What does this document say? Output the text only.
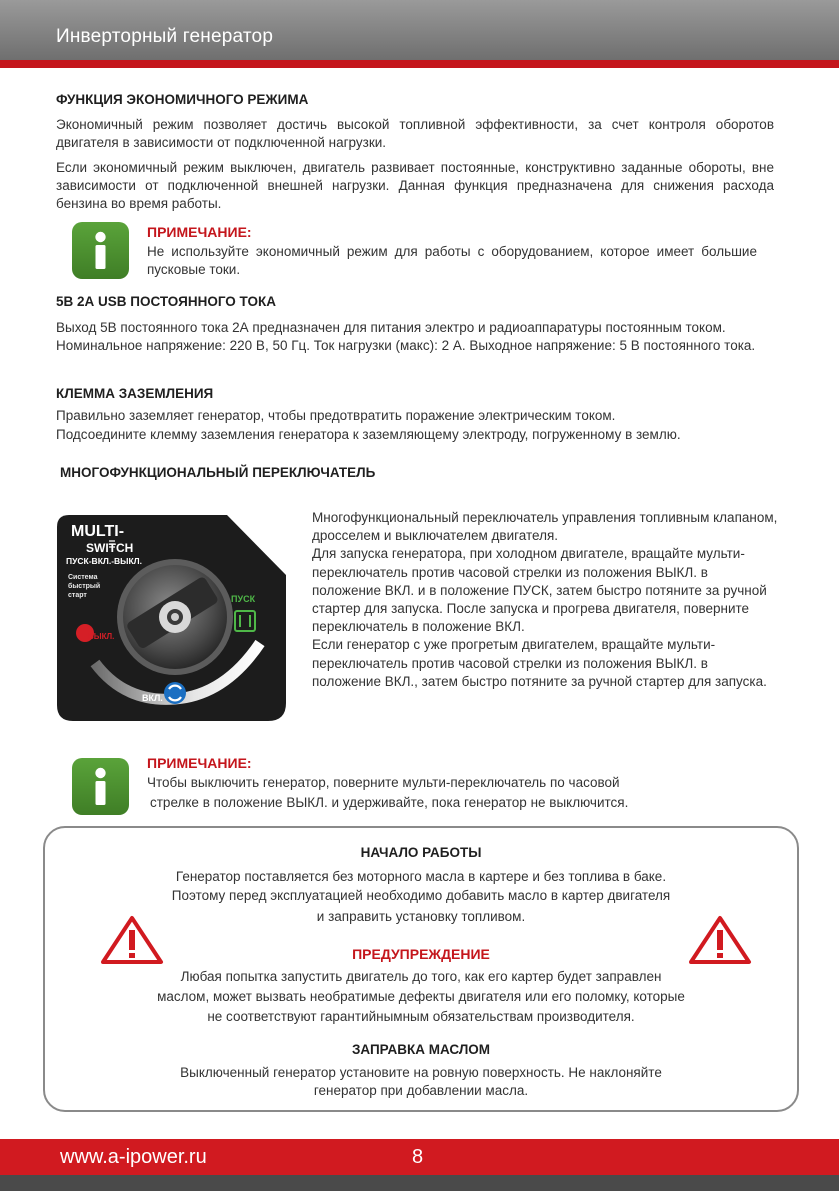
Инверторный генератор
ФУНКЦИЯ ЭКОНОМИЧНОГО РЕЖИМА
Экономичный режим позволяет достичь высокой топливной эффективности, за счет контроля оборотов двигателя в зависимости от подключенной нагрузки.
Если экономичный режим выключен, двигатель развивает постоянные, конструктивно заданные обороты, вне зависимости от подключенной внешней нагрузки. Данная функция предназначена для снижения расхода бензина во время работы.
ПРИМЕЧАНИЕ:
Не используйте экономичный режим для работы с оборудованием, которое имеет большие пусковые токи.
5В 2А USB ПОСТОЯННОГО ТОКА
Выход 5В постоянного тока 2А предназначен для питания электро и радиоаппаратуры постоянным током. Номинальное напряжение: 220 В, 50 Гц. Ток нагрузки (макс): 2 А. Выходное напряжение: 5 В постоянного тока.
КЛЕММА ЗАЗЕМЛЕНИЯ
Правильно заземляет генератор, чтобы предотвратить поражение электрическим током.
Подсоедините клемму заземления генератора к заземляющему электроду, погруженному в землю.
МНОГОФУНКЦИОНАЛЬНЫЙ ПЕРЕКЛЮЧАТЕЛЬ
MULTI-
SWITCH
ПУСК-ВКЛ.-ВЫКЛ.
Система быстрый старт	ПУСК
ВЫКЛ.
ВКЛ.
Многофункциональный переключатель управления топливным клапаном, дросселем и выключателем двигателя.
Для запуска генератора, при холодном двигателе, вращайте мульти-переключатель против часовой стрелки из положения ВЫКЛ. в положение ВКЛ. и в положение ПУСК, затем быстро потяните за ручной стартер для запуска. После запуска и прогрева двигателя, поверните переключатель в положение ВКЛ.
Если генератор с уже прогретым двигателем, вращайте мульти-переключатель против часовой стрелки из положения ВЫКЛ. в положение ВКЛ., затем быстро потяните за ручной стартер для запуска.
ПРИМЕЧАНИЕ:
Чтобы выключить генератор, поверните мульти-переключатель по часовой
стрелке в положение ВЫКЛ. и удерживайте, пока генератор не выключится.
НАЧАЛО РАБОТЫ
Генератор поставляется без моторного масла в картере и без топлива в баке.
Поэтому перед эксплуатацией необходимо добавить масло в картер двигателя
и заправить установку топливом.
ПРЕДУПРЕЖДЕНИЕ
Любая попытка запустить двигатель до того, как его картер будет заправлен
маслом, может вызвать необратимые дефекты двигателя или его поломку, которые
не соответствуют гарантийнымным обязательствам производителя.
ЗАПРАВКА МАСЛОМ
Выключенный генератор установите на ровную поверхность. Не наклоняйте
генератор при добавлении масла.
www.a-ipower.ru	8
